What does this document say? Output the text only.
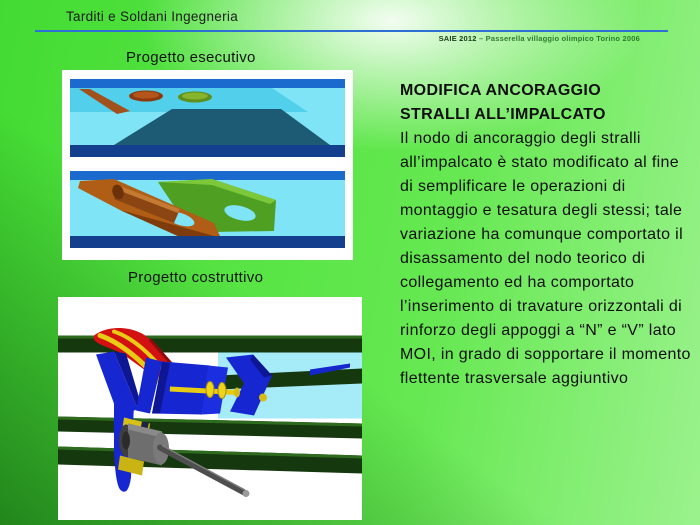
Tarditi e Soldani Ingegneria
SAIE 2012 – Passerella villaggio olimpico Torino 2006
Progetto esecutivo
Progetto costruttivo
MODIFICA ANCORAGGIO
STRALLI ALL’IMPALCATO
Il nodo di ancoraggio degli stralli all’impalcato è stato modificato al fine di semplificare le operazioni di montaggio e tesatura degli stessi; tale variazione ha comunque comportato il disassamento del nodo teorico di collegamento ed ha comportato l’inserimento di travature orizzontali di rinforzo degli appoggi a “N” e “V” lato MOI, in grado di sopportare il momento flettente trasversale aggiuntivo
